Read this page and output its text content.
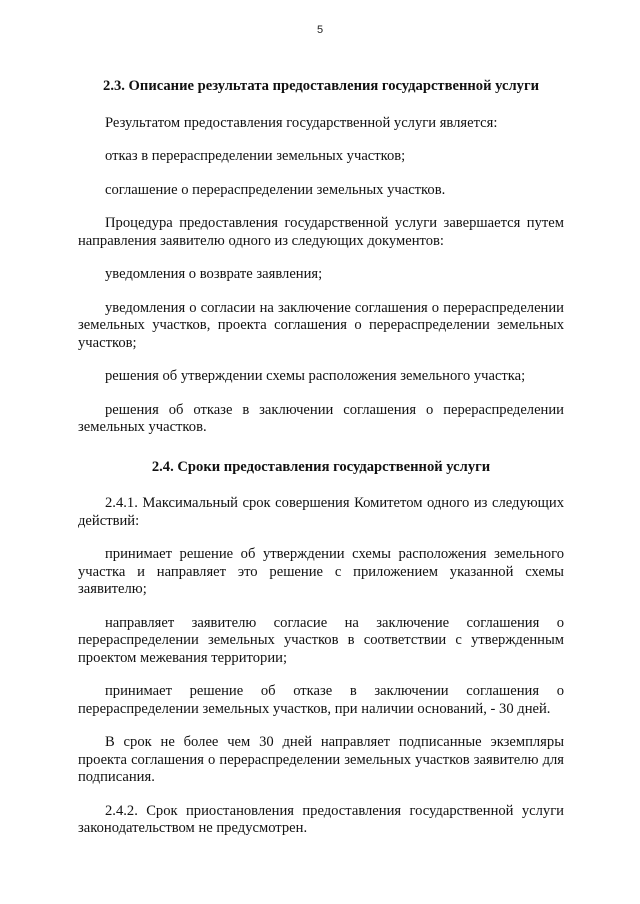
5
2.3. Описание результата предоставления государственной услуги

Результатом предоставления государственной услуги является:

отказ в перераспределении земельных участков;

соглашение о перераспределении земельных участков.

Процедура предоставления государственной услуги завершается путем направления заявителю одного из следующих документов:

уведомления о возврате заявления;

уведомления о согласии на заключение соглашения о перераспределении земельных участков, проекта соглашения о перераспределении земельных участков;

решения об утверждении схемы расположения земельного участка;

решения об отказе в заключении соглашения о перераспределении земельных участков.

2.4. Сроки предоставления государственной услуги

2.4.1. Максимальный срок совершения Комитетом одного из следующих действий:

принимает решение об утверждении схемы расположения земельного участка и направляет это решение с приложением указанной схемы заявителю;

направляет заявителю согласие на заключение соглашения о перераспределении земельных участков в соответствии с утвержденным проектом межевания территории;

принимает решение об отказе в заключении соглашения о перераспределении земельных участков, при наличии оснований, - 30 дней.

В срок не более чем 30 дней направляет подписанные экземпляры проекта соглашения о перераспределении земельных участков заявителю для подписания.

2.4.2. Срок приостановления предоставления государственной услуги законодательством не предусмотрен.
